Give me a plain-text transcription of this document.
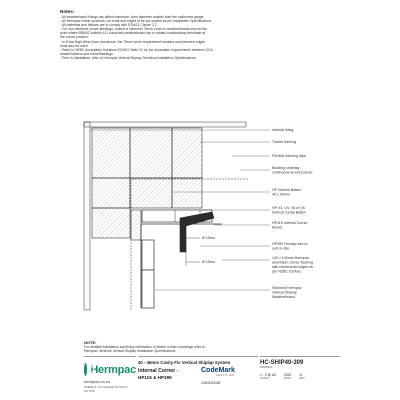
Notes:

- All weatherboard fixings are drilled maximum 1mm diameter smaller than the nail/screw gauge
- All Hermpac timber products, cut ends and edges to be pre-coated as per Installation Specifications
- All materials and fixtures are to comply with E2/AS1 Clause 2.2
- For non-hemmed corner flashings, ensure a minimum 75mm cover to weatherboards beyond the
point where BRANZ bulletin 411 compliant weatherboard tap or rebate combinations terminate at
the corner junction.
- In Extra High Wind Zone and above, the 75mm cover requirement remains and hemmed edges
must also be used.
- Refer to NZBC Acceptable Solutions E2/AS1 Table 21 for the separation requirements between CCA
treated battens and metal flashings
- Prior to installation, refer to Hermpac Vertical Shiplap Technical Installation Specifications.
Ø 12mm
Ø 12mm
Internal lining
Timber framing
Flexible flashing tape
Building underlay
continuous around corner
HP Vertical Batten
45 x 40mm
HP V3, V4, V5 or V6
Vertical Cavity Batten
HP115 Internal Corner
Mould
HP399 Flexitap trim to
suit on site
140 x 140mm Hermpac
aluminium corner flashing
with unhemmed edges as
per NZBC E2/AS1
Selected Hermpac
Vertical Shiplap
Weatherboard

NOTE:

For detailed installation and fixing information of timber corner mouldings refer to
Hermpac VertiLine Vertical Shiplap Installation Specifications.
Hermpac
hermpac.co.nz
SUBJECT TO CHANGE WITHOUT NOTICE
40 - 45mm Cavity Fix Vertical Shiplap System
Internal Corner -
HP115 & HP399
CodeMark
CERTIFIED
CMNZ30038
HC-SHIP40-309
DRAWING
1 : 2 @ A4
SCALE
2022
DATE
A
REV
